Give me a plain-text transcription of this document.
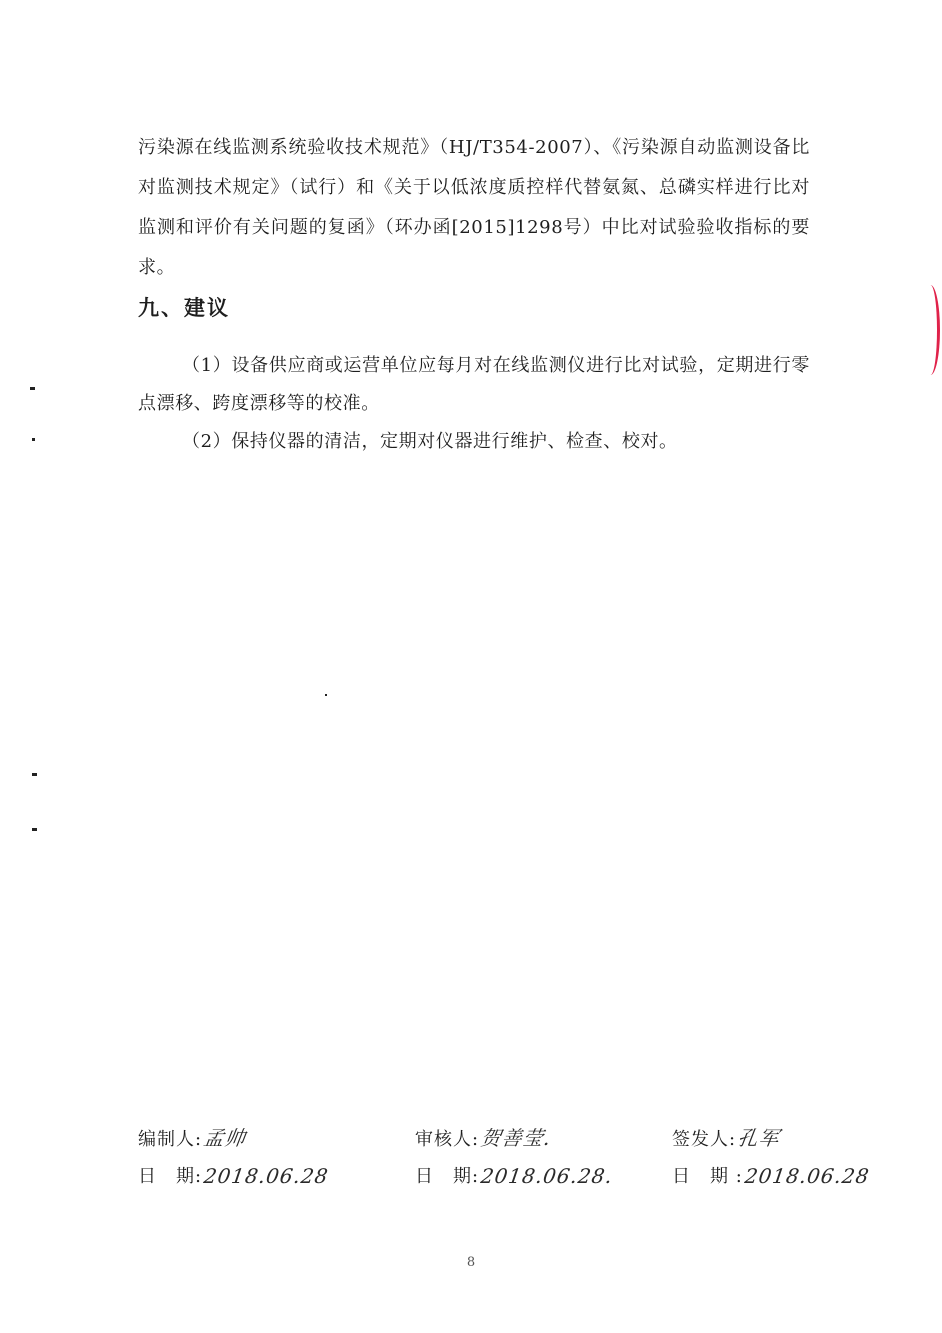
污染源在线监测系统验收技术规范》（HJ/T354-2007）、《污染源自动监测设备比对监测技术规定》（试行）和《关于以低浓度质控样代替氨氮、总磷实样进行比对监测和评价有关问题的复函》（环办函[2015]1298号）中比对试验验收指标的要求。
九、建议
（1）设备供应商或运营单位应每月对在线监测仪进行比对试验，定期进行零点漂移、跨度漂移等的校准。
（2）保持仪器的清洁，定期对仪器进行维护、检查、校对。
编制人: 孟帅
日　期: 2018.06.28
审核人: 贺善莹.
日　期: 2018.06.28.
签发人: 孔军
日　期 : 2018.06.28
8
